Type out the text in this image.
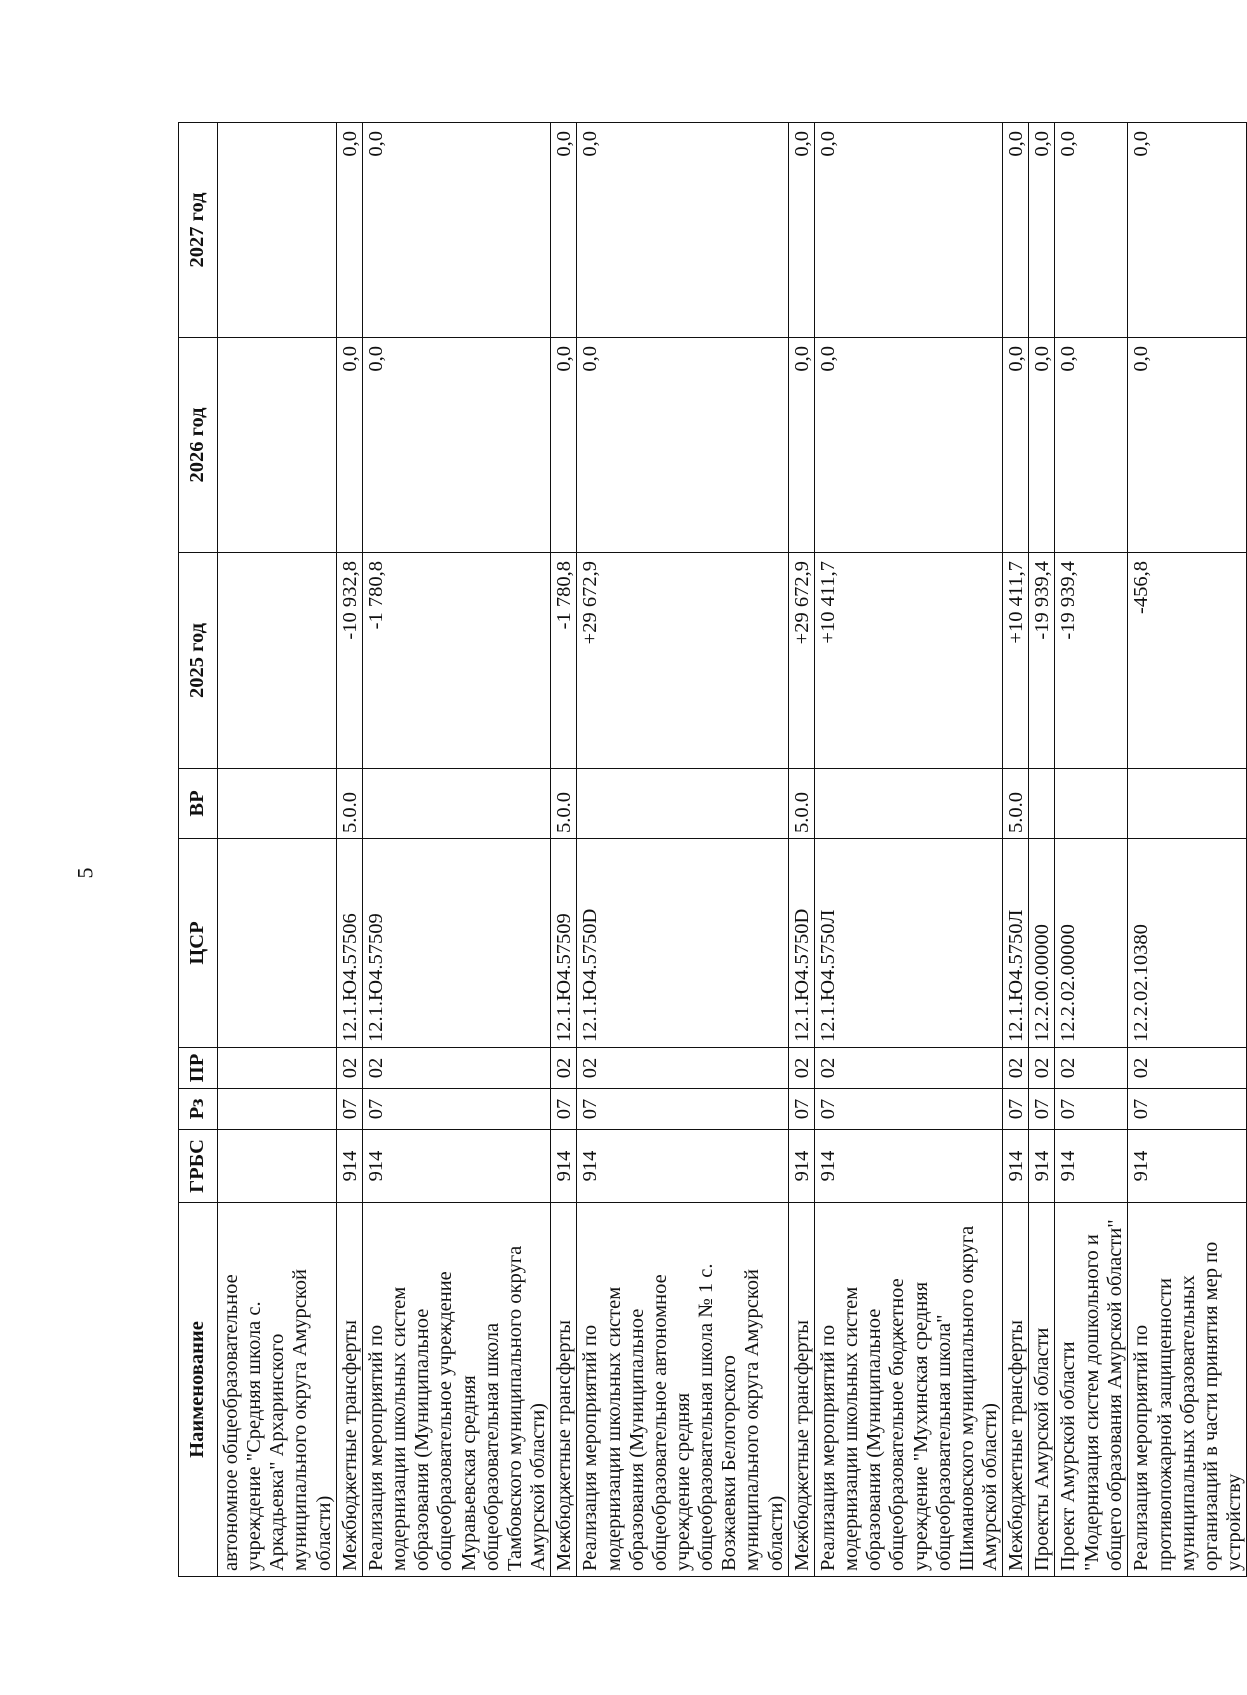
5
Наименование	ГРБС	Рз	ПР	ЦСР	ВР	2025 год	2026 год	2027 год
автономное общеобразовательное учреждение "Средняя школа с. Аркадьевка" Архаринского муниципального округа Амурской области)								
Межбюджетные трансферты	914	07	02	12.1.Ю4.57506	5.0.0	-10 932,8	0,0	0,0
Реализация мероприятий по модернизации школьных систем образования (Муниципальное общеобразовательное учреждение Муравьевская средняя общеобразовательная школа Тамбовского муниципального округа Амурской области)	914	07	02	12.1.Ю4.57509		-1 780,8	0,0	0,0
Межбюджетные трансферты	914	07	02	12.1.Ю4.57509	5.0.0	-1 780,8	0,0	0,0
Реализация мероприятий по модернизации школьных систем образования (Муниципальное общеобразовательное автономное учреждение средняя общеобразовательная школа № 1 с. Возжаевки Белогорского муниципального округа Амурской области)	914	07	02	12.1.Ю4.5750D		+29 672,9	0,0	0,0
Межбюджетные трансферты	914	07	02	12.1.Ю4.5750D	5.0.0	+29 672,9	0,0	0,0
Реализация мероприятий по модернизации школьных систем образования (Муниципальное общеобразовательное бюджетное учреждение "Мухинская средняя общеобразовательная школа" Шимановского муниципального округа Амурской области)	914	07	02	12.1.Ю4.5750Л		+10 411,7	0,0	0,0
Межбюджетные трансферты	914	07	02	12.1.Ю4.5750Л	5.0.0	+10 411,7	0,0	0,0
Проекты Амурской области	914	07	02	12.2.00.00000		-19 939,4	0,0	0,0
Проект Амурской области "Модернизация систем дошкольного и общего образования Амурской области"	914	07	02	12.2.02.00000		-19 939,4	0,0	0,0
Реализация мероприятий по противопожарной защищенности муниципальных образовательных организаций в части принятия мер по устройству	914	07	02	12.2.02.10380		-456,8	0,0	0,0
